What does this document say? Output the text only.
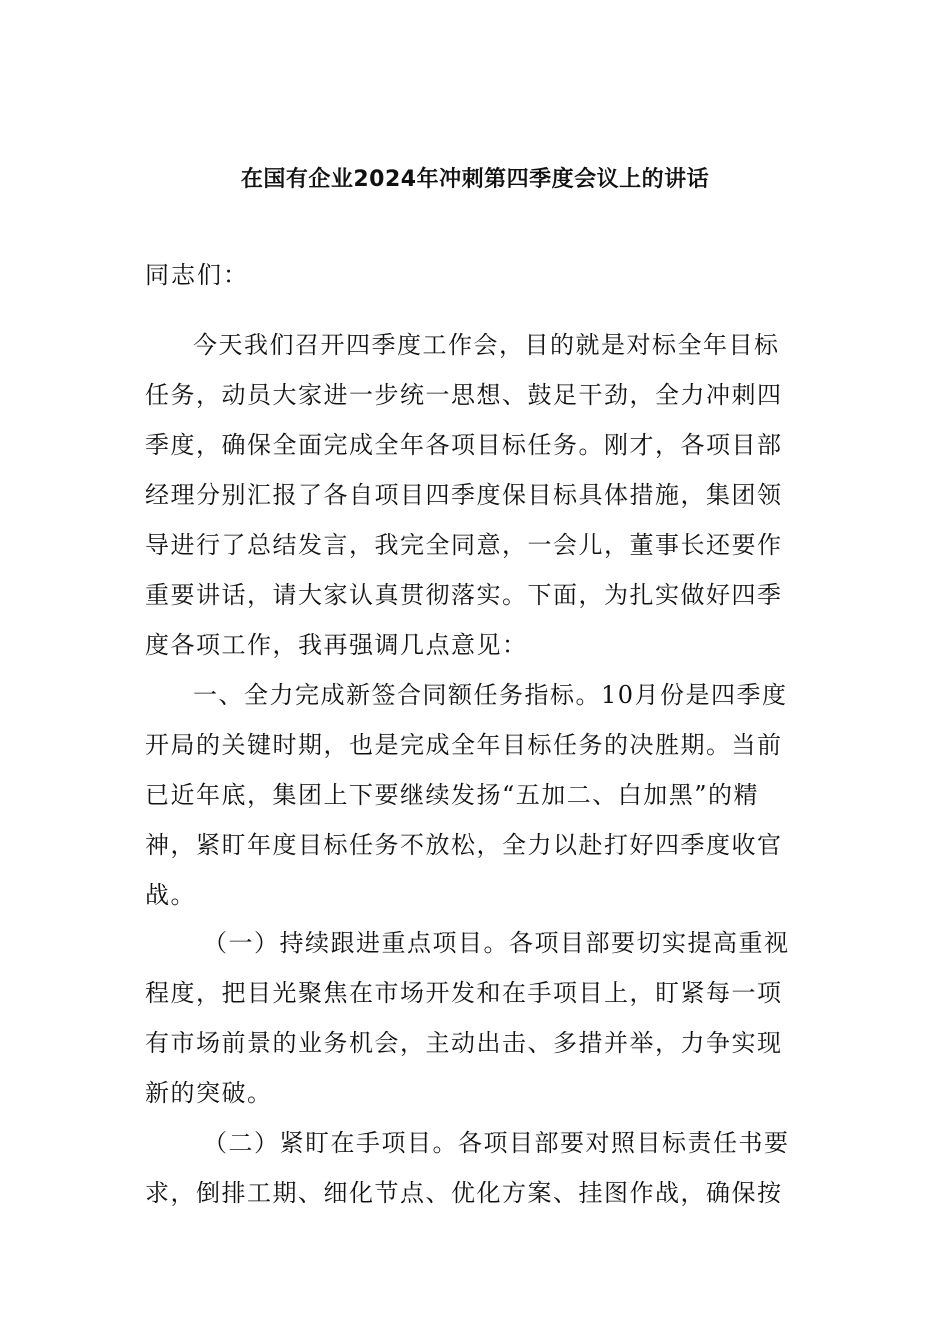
在国有企业2024年冲刺第四季度会议上的讲话

同志们：

今天我们召开四季度工作会，目的就是对标全年目标
任务，动员大家进一步统一思想、鼓足干劲，全力冲刺四
季度，确保全面完成全年各项目标任务。刚才，各项目部
经理分别汇报了各自项目四季度保目标具体措施，集团领
导进行了总结发言，我完全同意，一会儿，董事长还要作
重要讲话，请大家认真贯彻落实。下面，为扎实做好四季
度各项工作，我再强调几点意见：
一、全力完成新签合同额任务指标。10月份是四季度
开局的关键时期，也是完成全年目标任务的决胜期。当前
已近年底，集团上下要继续发扬“五加二、白加黑”的精
神，紧盯年度目标任务不放松，全力以赴打好四季度收官
战。
（一）持续跟进重点项目。各项目部要切实提高重视
程度，把目光聚焦在市场开发和在手项目上，盯紧每一项
有市场前景的业务机会，主动出击、多措并举，力争实现
新的突破。
（二）紧盯在手项目。各项目部要对照目标责任书要
求，倒排工期、细化节点、优化方案、挂图作战，确保按
